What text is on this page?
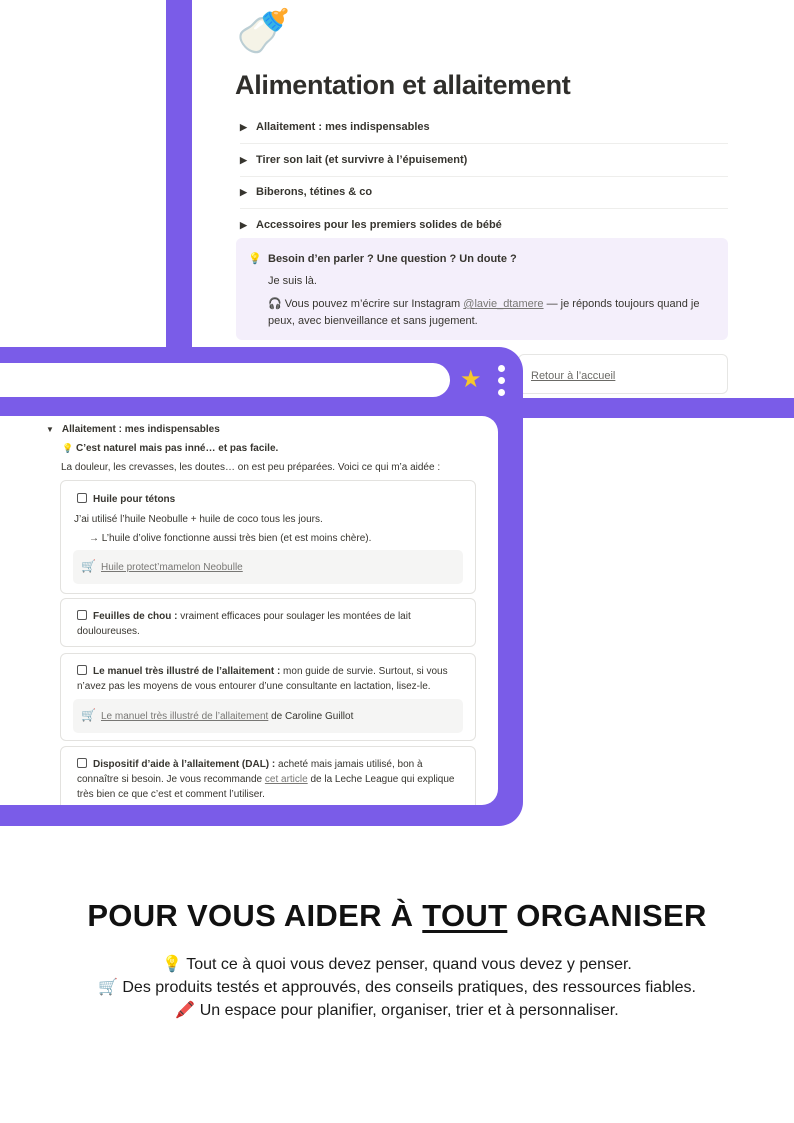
🍼
Alimentation et allaitement
▶ Allaitement : mes indispensables
▶ Tirer son lait (et survivre à l’épuisement)
▶ Biberons, tétines & co
▶ Accessoires pour les premiers solides de bébé
💡 Besoin d’en parler ? Une question ? Un doute ?
Je suis là.
🎧 Vous pouvez m’écrire sur Instagram @lavie_dtamere — je réponds toujours quand je peux, avec bienveillance et sans jugement.
Retour à l’accueil
★
▼ Allaitement : mes indispensables
💡 C’est naturel mais pas inné… et pas facile.
La douleur, les crevasses, les doutes… on est peu préparées. Voici ce qui m’a aidée :
Huile pour tétons
J’ai utilisé l’huile Neobulle + huile de coco tous les jours.
→ L’huile d’olive fonctionne aussi très bien (et est moins chère).
🛒 Huile protect’mamelon Neobulle
Feuilles de chou : vraiment efficaces pour soulager les montées de lait douloureuses.
Le manuel très illustré de l’allaitement : mon guide de survie. Surtout, si vous n’avez pas les moyens de vous entourer d’une consultante en lactation, lisez-le.
🛒 Le manuel très illustré de l’allaitement de Caroline Guillot
Dispositif d’aide à l’allaitement (DAL) : acheté mais jamais utilisé, bon à connaître si besoin. Je vous recommande cet article de la Leche League qui explique très bien ce que c’est et comment l’utiliser.
POUR VOUS AIDER À TOUT ORGANISER
💡 Tout ce à quoi vous devez penser, quand vous devez y penser.
🛒 Des produits testés et approuvés, des conseils pratiques, des ressources fiables.
🖍️ Un espace pour planifier, organiser, trier et à personnaliser.
